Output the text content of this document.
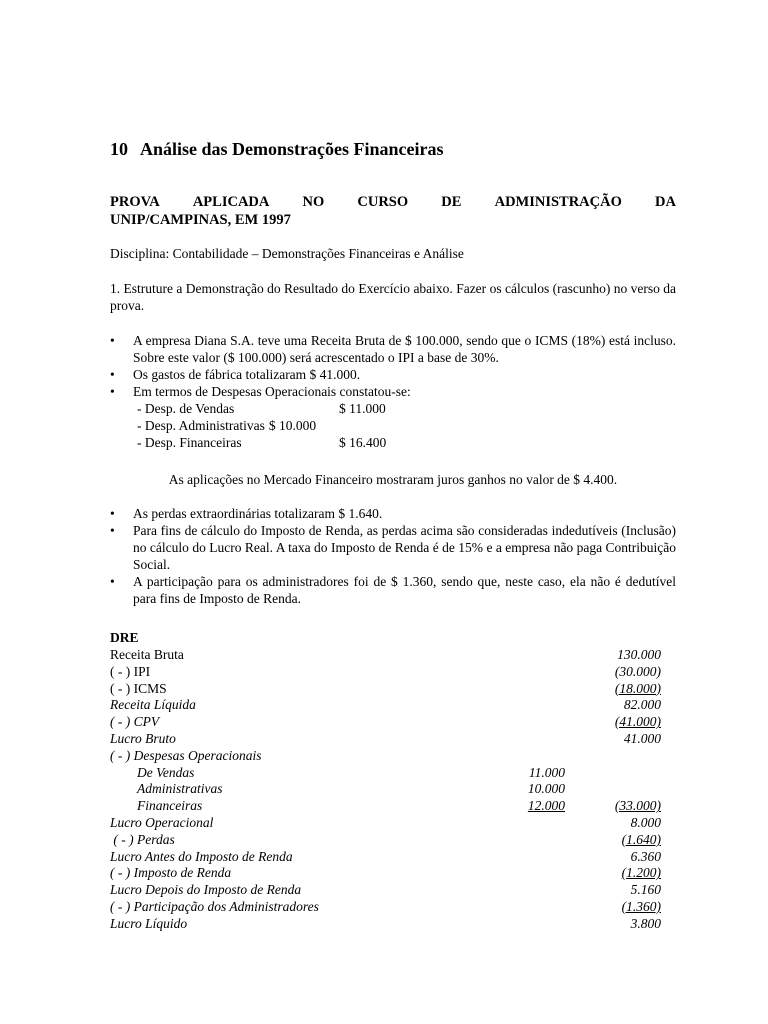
10 Análise das Demonstrações Financeiras
PROVA APLICADA NO CURSO DE ADMINISTRAÇÃO DA
UNIP/CAMPINAS, EM 1997
Disciplina: Contabilidade – Demonstrações Financeiras e Análise
1. Estruture a Demonstração do Resultado do Exercício abaixo. Fazer os cálculos (rascunho) no verso da prova.
• A empresa Diana S.A. teve uma Receita Bruta de $ 100.000, sendo que o ICMS (18%) está incluso. Sobre este valor ($ 100.000) será acrescentado o IPI a base de 30%.
• Os gastos de fábrica totalizaram $ 41.000.
• Em termos de Despesas Operacionais constatou-se:
- Desp. de Vendas	$ 11.000
- Desp. Administrativas $ 10.000
- Desp. Financeiras	$ 16.400
As aplicações no Mercado Financeiro mostraram juros ganhos no valor de $ 4.400.
• As perdas extraordinárias totalizaram $ 1.640.
• Para fins de cálculo do Imposto de Renda, as perdas acima são consideradas indedutíveis (Inclusão) no cálculo do Lucro Real. A taxa do Imposto de Renda é de 15% e a empresa não paga Contribuição Social.
• A participação para os administradores foi de $ 1.360, sendo que, neste caso, ela não é dedutível para fins de Imposto de Renda.
DRE
Receita Bruta	130.000
( - ) IPI	(30.000)
( - ) ICMS	(18.000)
Receita Líquida	82.000
( - ) CPV	(41.000)
Lucro Bruto	41.000
( - ) Despesas Operacionais
De Vendas	11.000
Administrativas	10.000
Financeiras	12.000	(33.000)
Lucro Operacional	8.000
( - ) Perdas	(1.640)
Lucro Antes do Imposto de Renda	6.360
( - ) Imposto de Renda	(1.200)
Lucro Depois do Imposto de Renda	5.160
( - ) Participação dos Administradores	(1.360)
Lucro Líquido	3.800
